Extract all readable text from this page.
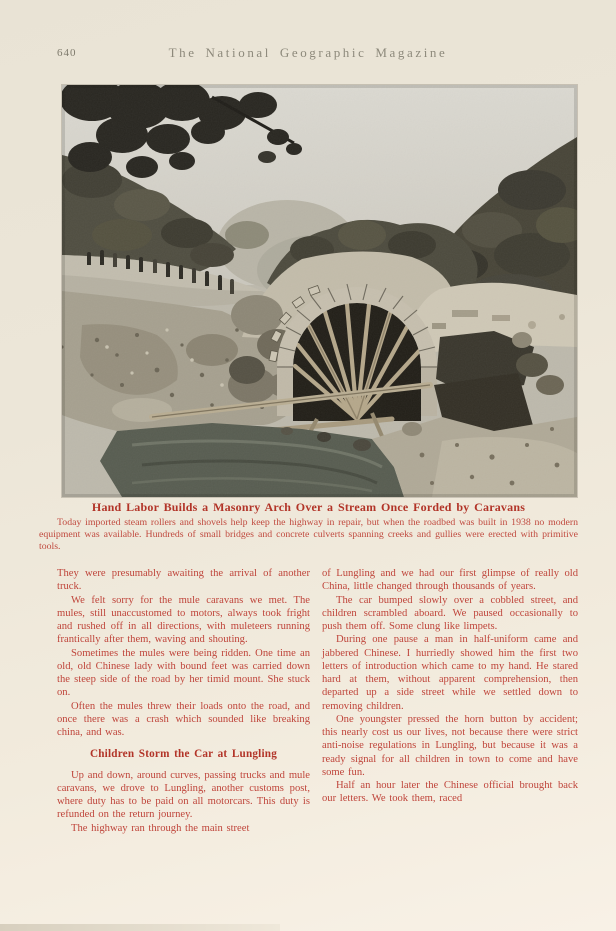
640	The National Geographic Magazine
Hand Labor Builds a Masonry Arch Over a Stream Once Forded by Caravans
Today imported steam rollers and shovels help keep the highway in repair, but when the roadbed was built in 1938 no modern equipment was available. Hundreds of small bridges and concrete culverts spanning creeks and gullies were erected with primitive tools.

They were presumably awaiting the arrival of another truck.

We felt sorry for the mule caravans we met. The mules, still unaccustomed to motors, always took fright and rushed off in all directions, with muleteers running frantically after them, waving and shouting.

Sometimes the mules were being ridden. One time an old, old Chinese lady with bound feet was carried down the steep side of the road by her timid mount. She stuck on.

Often the mules threw their loads onto the road, and once there was a crash which sounded like breaking china, and was.

Children Storm the Car at Lungling

Up and down, around curves, passing trucks and mule caravans, we drove to Lungling, another customs post, where duty has to be paid on all motorcars. This duty is refunded on the return journey.

The highway ran through the main street

of Lungling and we had our first glimpse of really old China, little changed through thousands of years.

The car bumped slowly over a cobbled street, and children scrambled aboard. We paused occasionally to push them off. Some clung like limpets.

During one pause a man in half-uniform came and jabbered Chinese. I hurriedly showed him the first two letters of introduction which came to my hand. He stared hard at them, without apparent comprehension, then departed up a side street while we settled down to removing children.

One youngster pressed the horn button by accident; this nearly cost us our lives, not because there were strict anti-noise regulations in Lungling, but because it was a ready signal for all children in town to come and have some fun.

Half an hour later the Chinese official brought back our letters. We took them, raced
